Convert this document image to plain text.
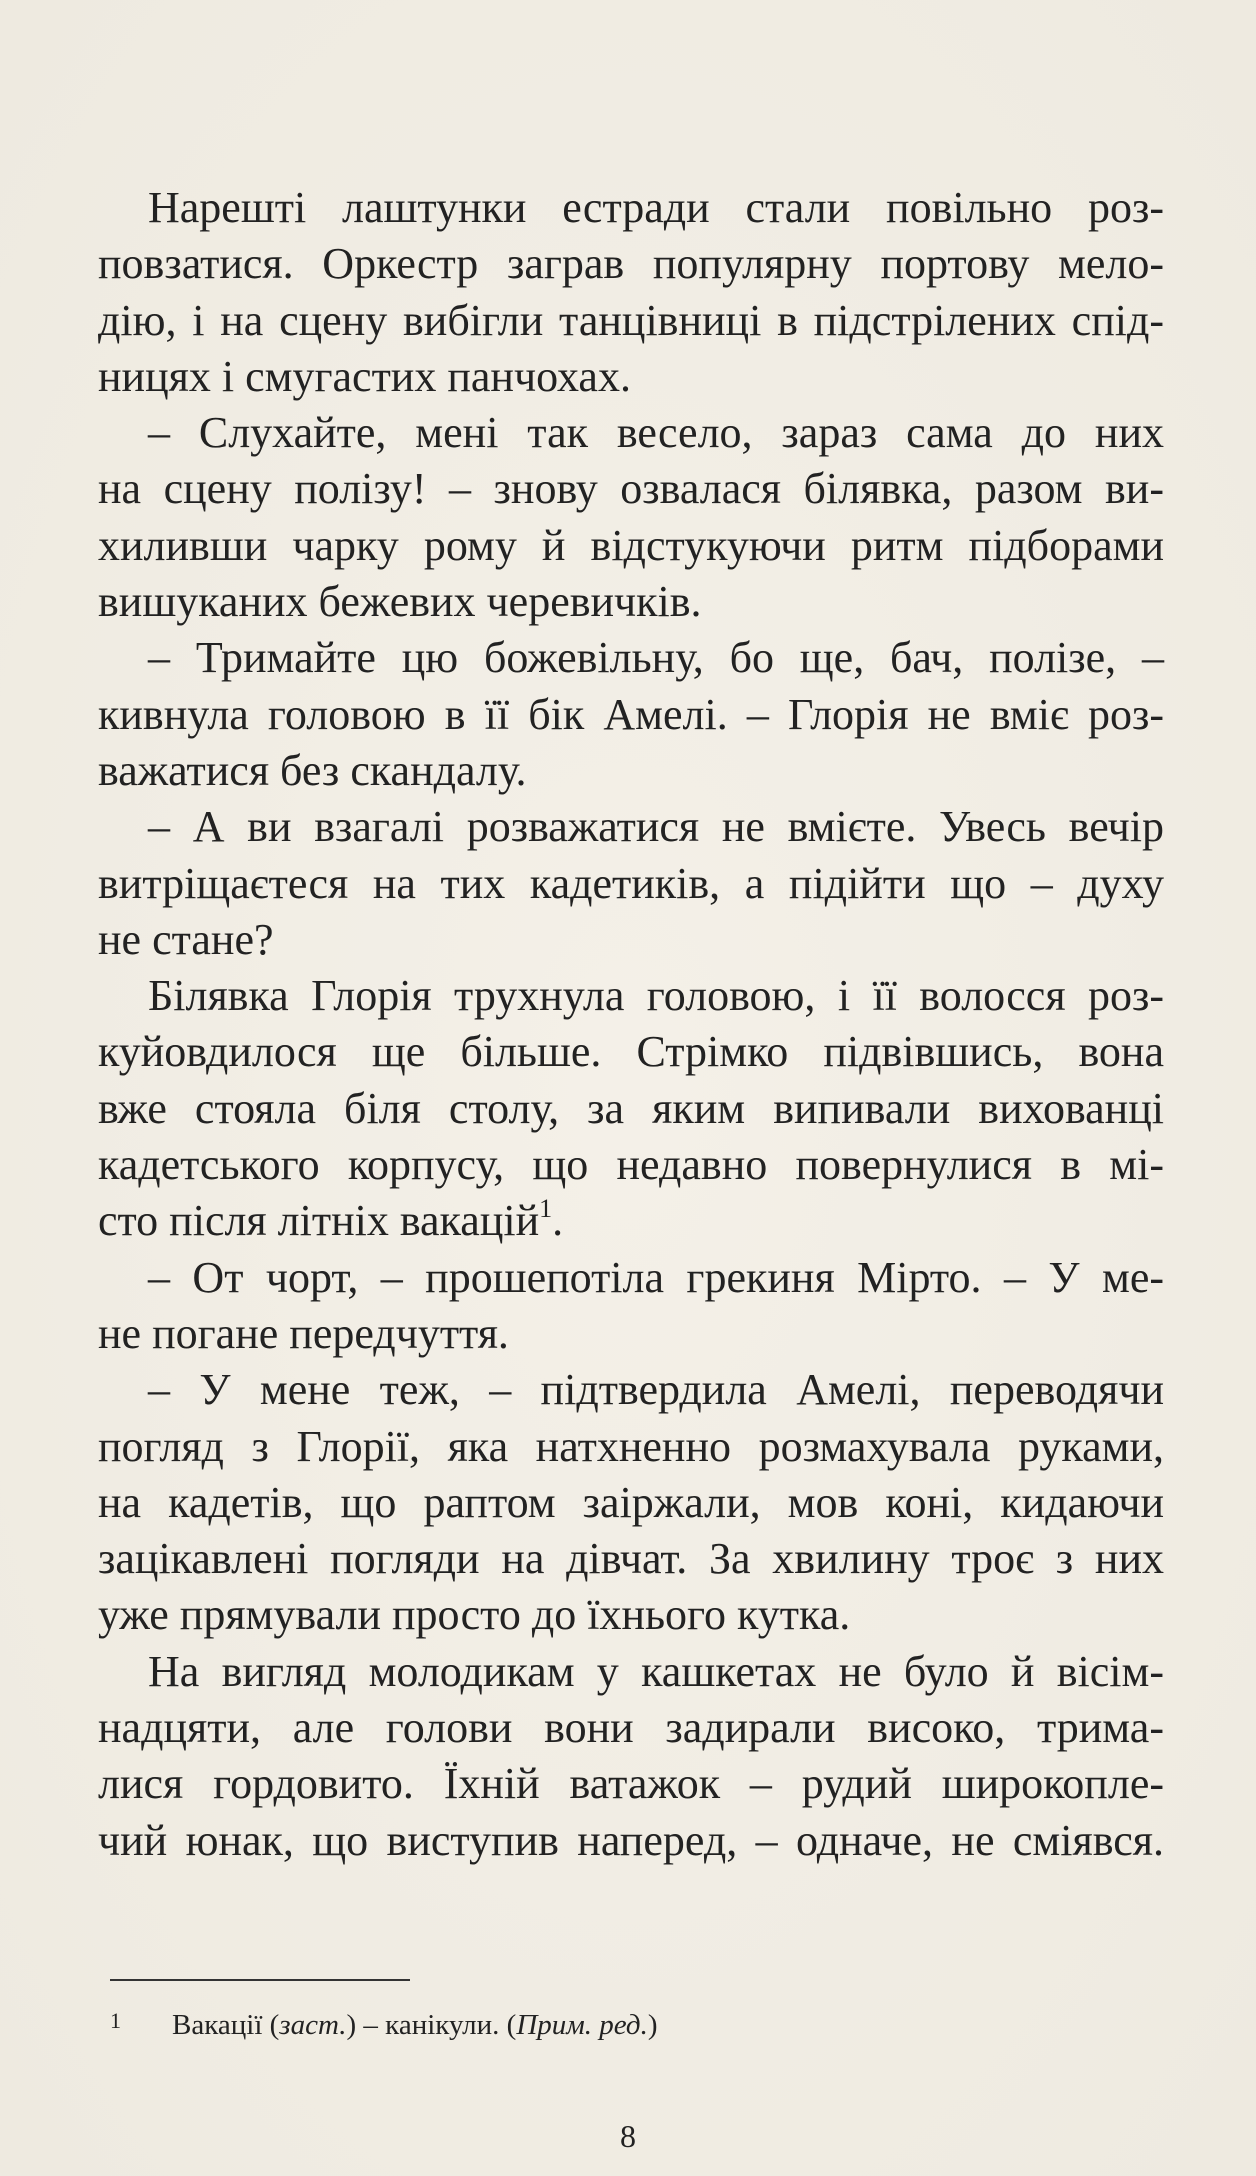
Нарешті лаштунки естради стали повільно роз-
повзатися. Оркестр заграв популярну портову мело-
дію, і на сцену вибігли танцівниці в підстрілених спід-
ницях і смугастих панчохах.
– Слухайте, мені так весело, зараз сама до них
на сцену полізу! – знову озвалася білявка, разом ви-
хиливши чарку рому й відстукуючи ритм підборами
вишуканих бежевих черевичків.
– Тримайте цю божевільну, бо ще, бач, полізе, –
кивнула головою в її бік Амелі. – Глорія не вміє роз-
важатися без скандалу.
– А ви взагалі розважатися не вмієте. Увесь вечір
витріщаєтеся на тих кадетиків, а підійти що – духу
не стане?
Білявка Глорія трухнула головою, і її волосся роз-
куйовдилося ще більше. Стрімко підвівшись, вона
вже стояла біля столу, за яким випивали вихованці
кадетського корпусу, що недавно повернулися в мі-
сто після літніх вакацій$^1$.
– От чорт, – прошепотіла грекиня Мірто. – У ме-
не погане передчуття.
– У мене теж, – підтвердила Амелі, переводячи
погляд з Глорії, яка натхненно розмахувала руками,
на кадетів, що раптом заіржали, мов коні, кидаючи
зацікавлені погляди на дівчат. За хвилину троє з них
уже прямували просто до їхнього кутка.
На вигляд молодикам у кашкетах не було й вісім-
надцяти, але голови вони задирали високо, трима-
лися гордовито. Їхній ватажок – рудий широкопле-
чий юнак, що виступив наперед, – одначе, не сміявся.
1 Вакації (заст.) – канікули. (Прим. ред.)
8
